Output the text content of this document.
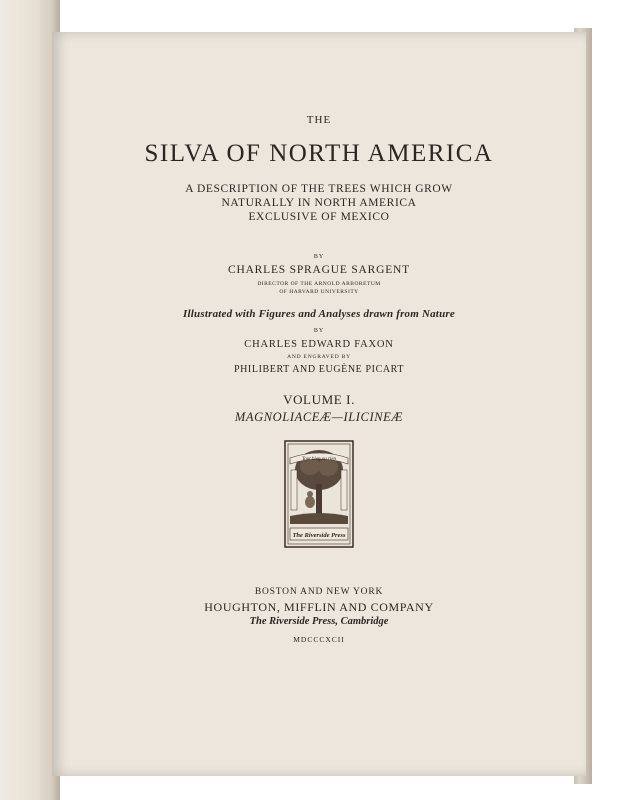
THE
SILVA OF NORTH AMERICA
A DESCRIPTION OF THE TREES WHICH GROW
NATURALLY IN NORTH AMERICA
EXCLUSIVE OF MEXICO
BY
CHARLES SPRAGUE SARGENT
DIRECTOR OF THE ARNOLD ARBORETUM
OF HARVARD UNIVERSITY
Illustrated with Figures and Analyses drawn from Nature
BY
CHARLES EDWARD FAXON
AND ENGRAVED BY
PHILIBERT AND EUGÈNE PICART
VOLUME I.
MAGNOLIACEÆ—ILICINEÆ
Tout bien ou rien
The Riverside Press
BOSTON AND NEW YORK
HOUGHTON, MIFFLIN AND COMPANY
The Riverside Press, Cambridge
MDCCCXCII
